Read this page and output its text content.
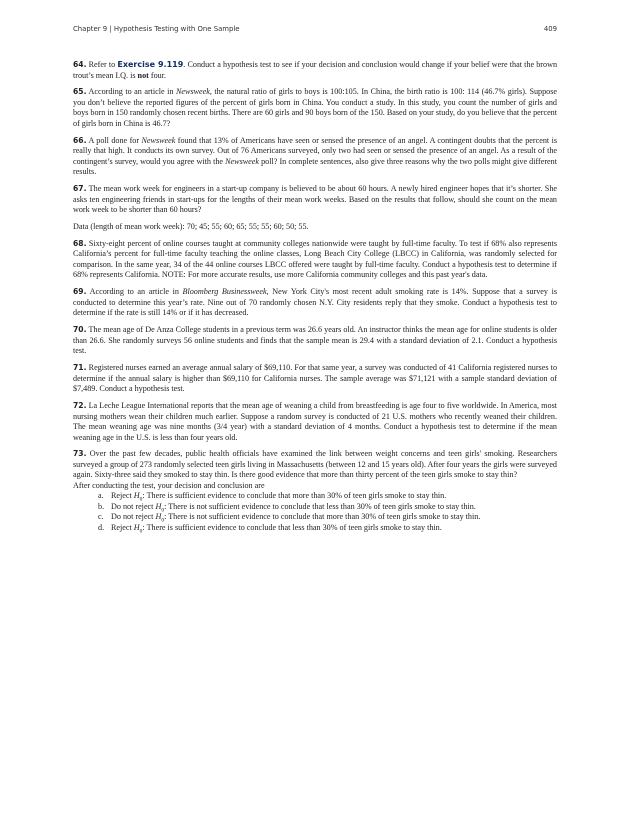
Chapter 9 | Hypothesis Testing with One Sample	409

64. Refer to Exercise 9.119. Conduct a hypothesis test to see if your decision and conclusion would change if your belief were that the brown trout’s mean I.Q. is not four.

65. According to an article in Newsweek, the natural ratio of girls to boys is 100:105. In China, the birth ratio is 100: 114 (46.7% girls). Suppose you don’t believe the reported figures of the percent of girls born in China. You conduct a study. In this study, you count the number of girls and boys born in 150 randomly chosen recent births. There are 60 girls and 90 boys born of the 150. Based on your study, do you believe that the percent of girls born in China is 46.7?

66. A poll done for Newsweek found that 13% of Americans have seen or sensed the presence of an angel. A contingent doubts that the percent is really that high. It conducts its own survey. Out of 76 Americans surveyed, only two had seen or sensed the presence of an angel. As a result of the contingent’s survey, would you agree with the Newsweek poll? In complete sentences, also give three reasons why the two polls might give different results.

67. The mean work week for engineers in a start-up company is believed to be about 60 hours. A newly hired engineer hopes that it’s shorter. She asks ten engineering friends in start-ups for the lengths of their mean work weeks. Based on the results that follow, should she count on the mean work week to be shorter than 60 hours?

Data (length of mean work week): 70; 45; 55; 60; 65; 55; 55; 60; 50; 55.

68. Sixty-eight percent of online courses taught at community colleges nationwide were taught by full-time faculty. To test if 68% also represents California’s percent for full-time faculty teaching the online classes, Long Beach City College (LBCC) in California, was randomly selected for comparison. In the same year, 34 of the 44 online courses LBCC offered were taught by full-time faculty. Conduct a hypothesis test to determine if 68% represents California. NOTE: For more accurate results, use more California community colleges and this past year's data.

69. According to an article in Bloomberg Businessweek, New York City's most recent adult smoking rate is 14%. Suppose that a survey is conducted to determine this year’s rate. Nine out of 70 randomly chosen N.Y. City residents reply that they smoke. Conduct a hypothesis test to determine if the rate is still 14% or if it has decreased.

70. The mean age of De Anza College students in a previous term was 26.6 years old. An instructor thinks the mean age for online students is older than 26.6. She randomly surveys 56 online students and finds that the sample mean is 29.4 with a standard deviation of 2.1. Conduct a hypothesis test.

71. Registered nurses earned an average annual salary of $69,110. For that same year, a survey was conducted of 41 California registered nurses to determine if the annual salary is higher than $69,110 for California nurses. The sample average was $71,121 with a sample standard deviation of $7,489. Conduct a hypothesis test.

72. La Leche League International reports that the mean age of weaning a child from breastfeeding is age four to five worldwide. In America, most nursing mothers wean their children much earlier. Suppose a random survey is conducted of 21 U.S. mothers who recently weaned their children. The mean weaning age was nine months (3/4 year) with a standard deviation of 4 months. Conduct a hypothesis test to determine if the mean weaning age in the U.S. is less than four years old.

73. Over the past few decades, public health officials have examined the link between weight concerns and teen girls' smoking. Researchers surveyed a group of 273 randomly selected teen girls living in Massachusetts (between 12 and 15 years old). After four years the girls were surveyed again. Sixty-three said they smoked to stay thin. Is there good evidence that more than thirty percent of the teen girls smoke to stay thin?

After conducting the test, your decision and conclusion are

a. Reject $H_0$: There is sufficient evidence to conclude that more than 30% of teen girls smoke to stay thin.
b. Do not reject $H_0$: There is not sufficient evidence to conclude that less than 30% of teen girls smoke to stay thin.
c. Do not reject $H_0$: There is not sufficient evidence to conclude that more than 30% of teen girls smoke to stay thin.
d. Reject $H_0$: There is sufficient evidence to conclude that less than 30% of teen girls smoke to stay thin.
